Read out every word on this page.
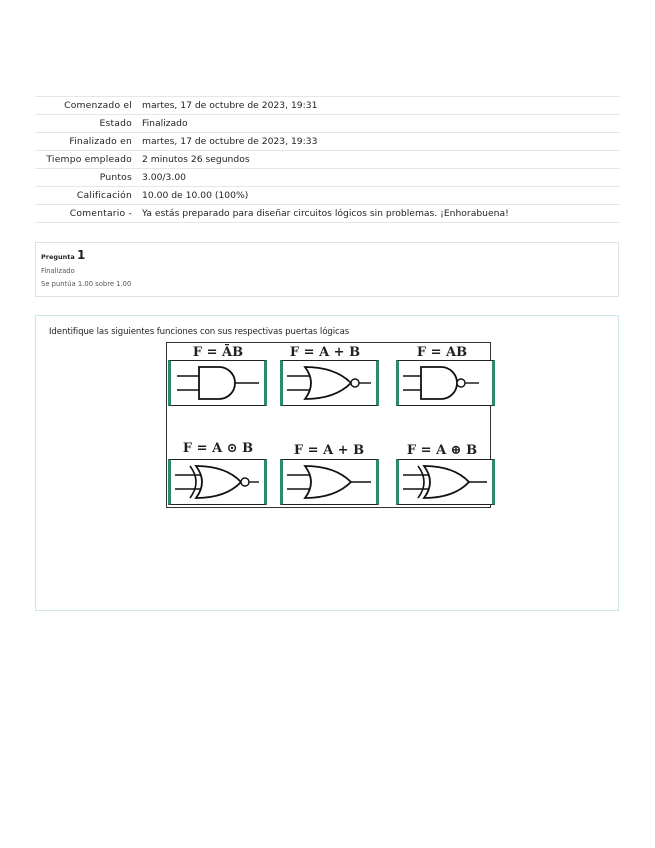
Comenzado el	martes, 17 de octubre de 2023, 19:31
Estado	Finalizado
Finalizado en	martes, 17 de octubre de 2023, 19:33
Tiempo empleado	2 minutos 26 segundos
Puntos	3.00/3.00
Calificación	10.00 de 10.00 (100%)
Comentario -	Ya estás preparado para diseñar circuitos lógicos sin problemas. ¡Enhorabuena!
Pregunta 1
Finalizado
Se puntúa 1.00 sobre 1.00
Identifique las siguientes funciones con sus respectivas puertas lógicas
F = ĀB	F = A + B	F = AB
F = A ⊙ B	F = A + B	F = A ⊕ B
